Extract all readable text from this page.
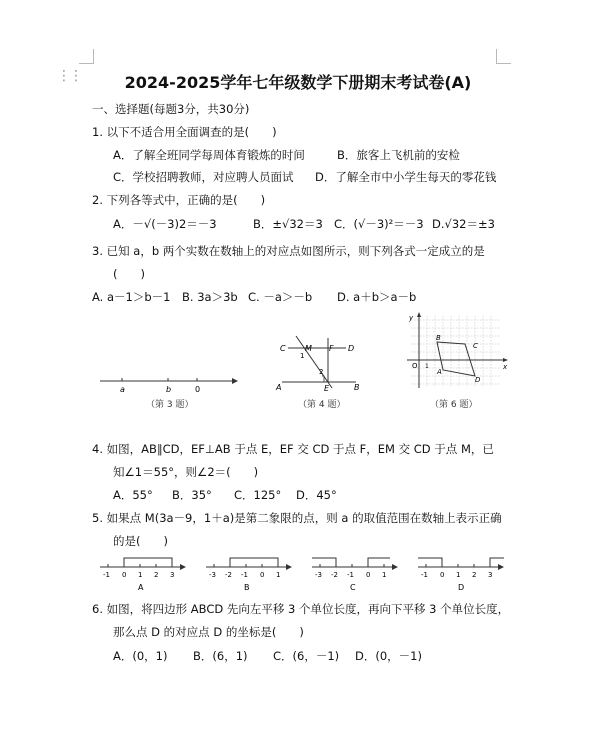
⋮⋮	2024-2025学年七年级数学下册期末考试卷(A)
一、选择题(每题3分，共30分)
1. 以下不适合用全面调查的是(　　)
A．了解全班同学每周体育锻炼的时间	B．旅客上飞机前的安检
C．学校招聘教师，对应聘人员面试 D．了解全市中小学生每天的零花钱
2. 下列各等式中，正确的是(　　)
A．－√(－3)2＝－3	B．±√32＝3 C．(√－3)²＝－3 D.√32＝±3
3. 已知 a，b 两个实数在数轴上的对应点如图所示，则下列各式一定成立的是
(　　)
A. a－1＞b－1 B. 3a＞3b C. －a＞－b D. a＋b＞a－b
a	b	0
（第 3 题）
C	D
M F
1
2
A	E	B
（第 4 题）
y
B
A
C
D
O	x
1
（第 6 题）
4. 如图，AB∥CD，EF⊥AB 于点 E，EF 交 CD 于点 F，EM 交 CD 于点 M，已
知∠1＝55°，则∠2＝(　　)
A．55° B．35° C．125° D．45°
5. 如果点 M(3a－9，1＋a)是第二象限的点，则 a 的取值范围在数轴上表示正确
的是(　　)
-1 0 1 2 3
A
-3 -2 -1 0 1
B
-3 -2 -1 0 1
C
-1 0 1 2 3
D
6. 如图，将四边形 ABCD 先向左平移 3 个单位长度，再向下平移 3 个单位长度，
那么点 D 的对应点 D 的坐标是(　　)
A．(0，1) B．(6，1) C．(6，－1) D．(0，－1)
